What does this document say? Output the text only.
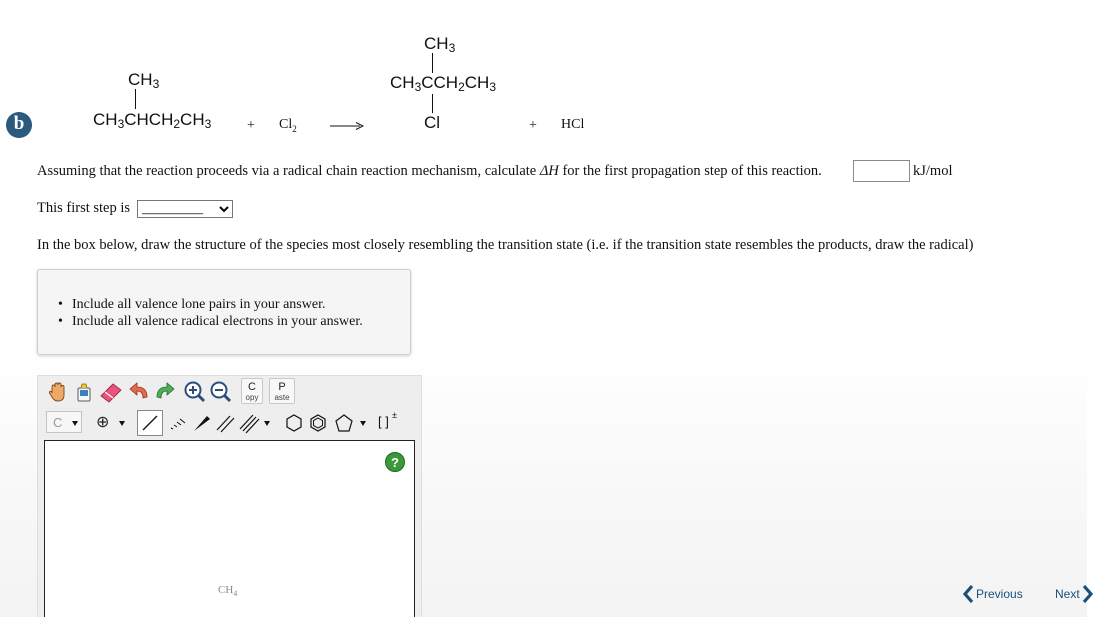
b
$CH_3$
$CH_3CHCH_2CH_3$	+ $Cl_2$
$CH_3$
$CH_3CCH_2CH_3$
Cl	+ HCl
Assuming that the reaction proceeds via a radical chain reaction mechanism, calculate ΔH for the first propagation step of this reaction.	kJ/mol
This first step is
__________
In the box below, draw the structure of the species most closely resembling the transition state (i.e. if the transition state resembles the products, draw the radical)
• Include all valence lone pairs in your answer.
• Include all valence radical electrons in your answer.
C
opy
P
aste
C ⊕	[ ] ±
?
$CH_4$	Previous	Next
